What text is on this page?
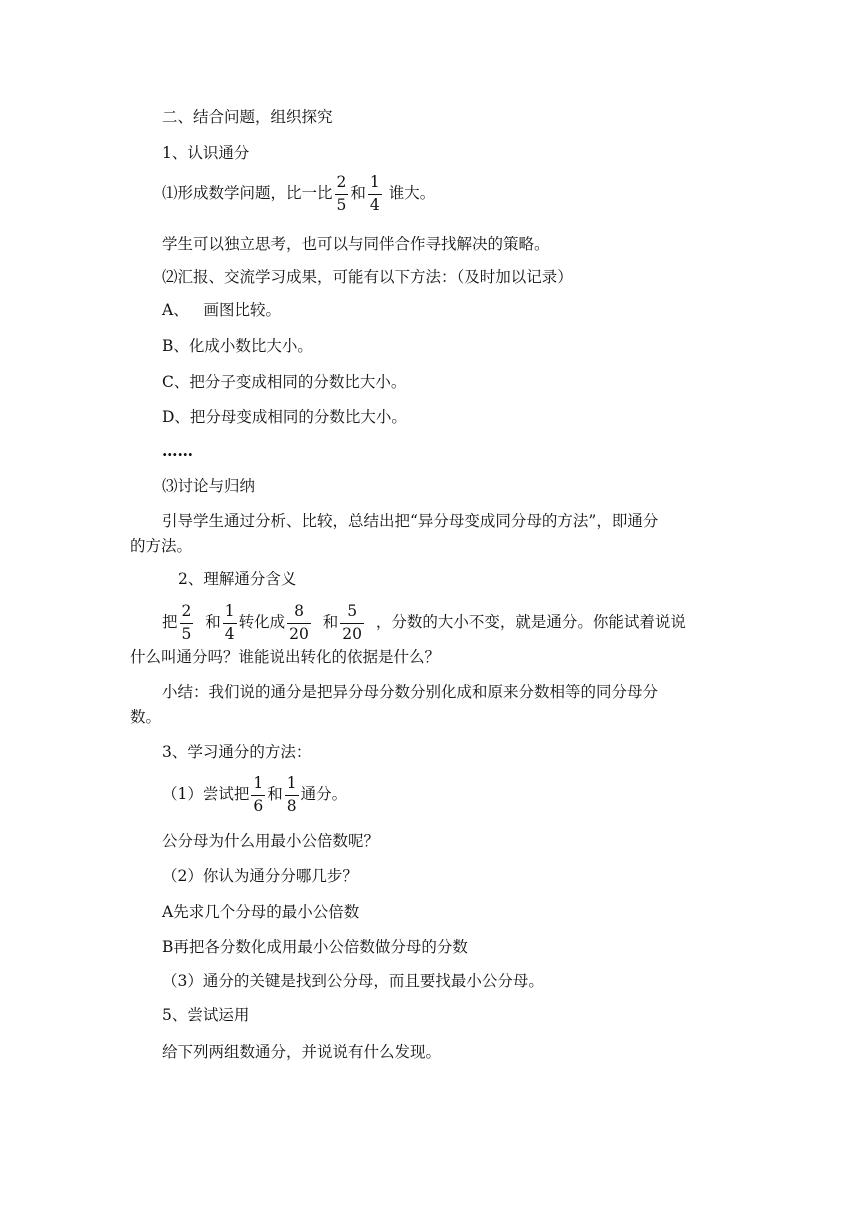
二、结合问题，组织探究
1、认识通分
⑴形成数学问题，比一比 $\frac{2}{5}$ 和 $\frac{1}{4}$ 谁大。
学生可以独立思考，也可以与同伴合作寻找解决的策略。
⑵汇报、交流学习成果，可能有以下方法：（及时加以记录）
A、   画图比较。
B、化成小数比大小。
C、把分子变成相同的分数比大小。
D、把分母变成相同的分数比大小。
……
⑶讨论与归纳
引导学生通过分析、比较，总结出把“异分母变成同分母的方法”，即通分
的方法。
2、理解通分含义
把 $\frac{2}{5}$ 和 $\frac{1}{4}$ 转化成 $\frac{8}{20}$ 和 $\frac{5}{20}$ ，分数的大小不变，就是通分。你能试着说说
什么叫通分吗？谁能说出转化的依据是什么？
小结：我们说的通分是把异分母分数分别化成和原来分数相等的同分母分
数。
3、学习通分的方法：
（1）尝试把 $\frac{1}{6}$ 和 $\frac{1}{8}$ 通分。
公分母为什么用最小公倍数呢？
（2）你认为通分分哪几步？
A先求几个分母的最小公倍数
B再把各分数化成用最小公倍数做分母的分数
（3）通分的关键是找到公分母，而且要找最小公分母。
5、尝试运用
给下列两组数通分，并说说有什么发现。
